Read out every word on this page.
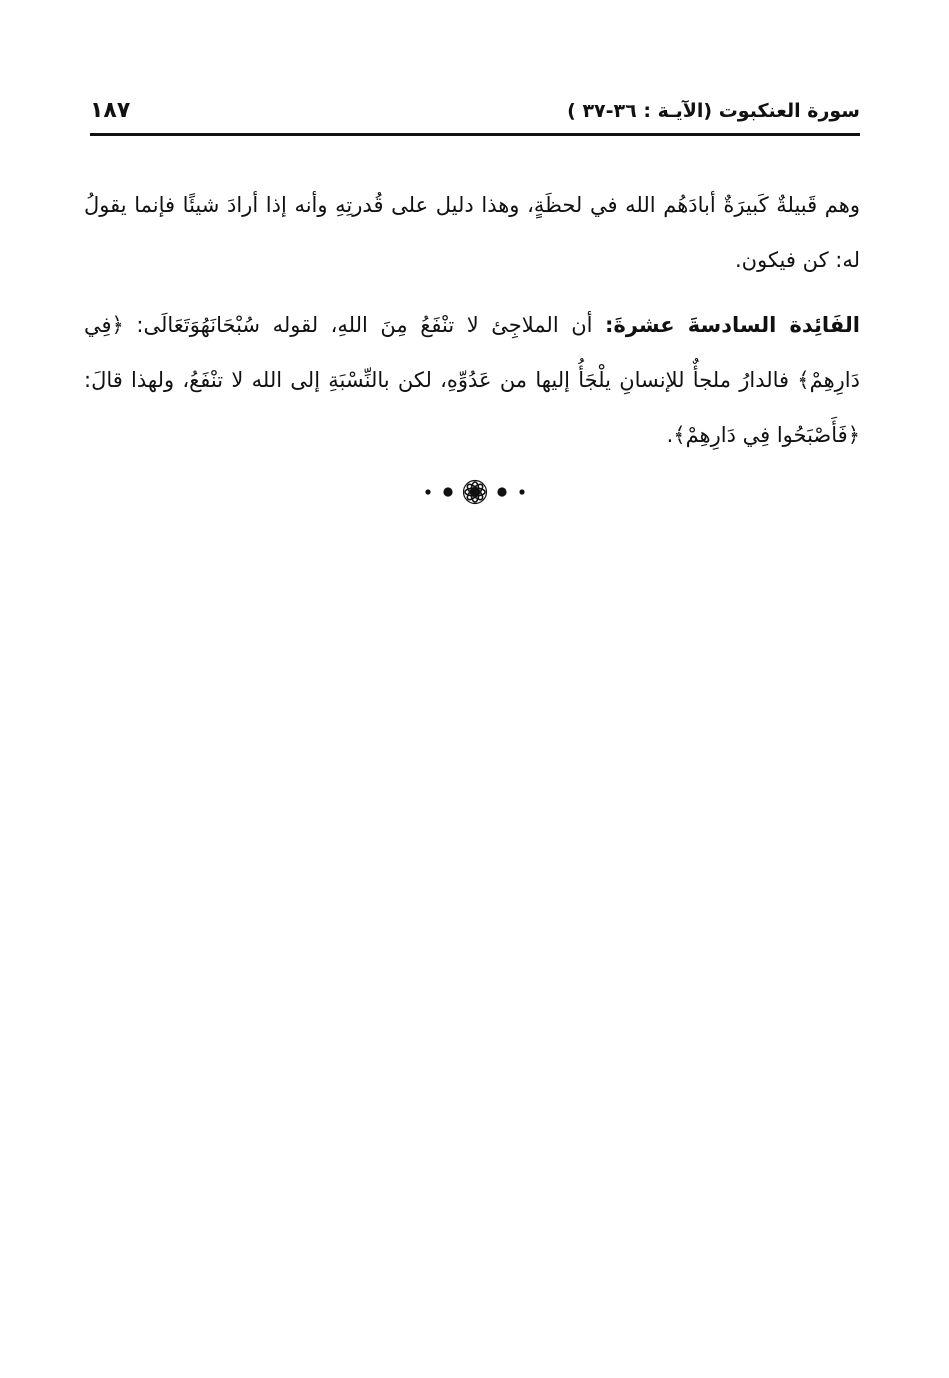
سورة العنكبوت (الآيـة : ٣٦-٣٧ )
١٨٧

وهم قَبيلةٌ كَبيرَةٌ أبادَهُم الله في لحظَةٍ، وهذا دليل على قُدرتِهِ وأنه إذا أرادَ شيئًا فإنما يقولُ له: كن فيكون.

الفَائِدة السادسةَ عشرةَ: أن الملاجِئ لا تنْفَعُ مِنَ اللهِ، لقوله سُبْحَانَهُوَتَعَالَى: ﴿فِي دَارِهِمْ﴾ فالدارُ ملجأٌ للإنسانِ يلْجَأُ إليها من عَدُوِّهِ، لكن بالنِّسْبَةِ إلى الله لا تنْفَعُ، ولهذا قالَ: ﴿فَأَصْبَحُوا فِي دَارِهِمْ﴾.
